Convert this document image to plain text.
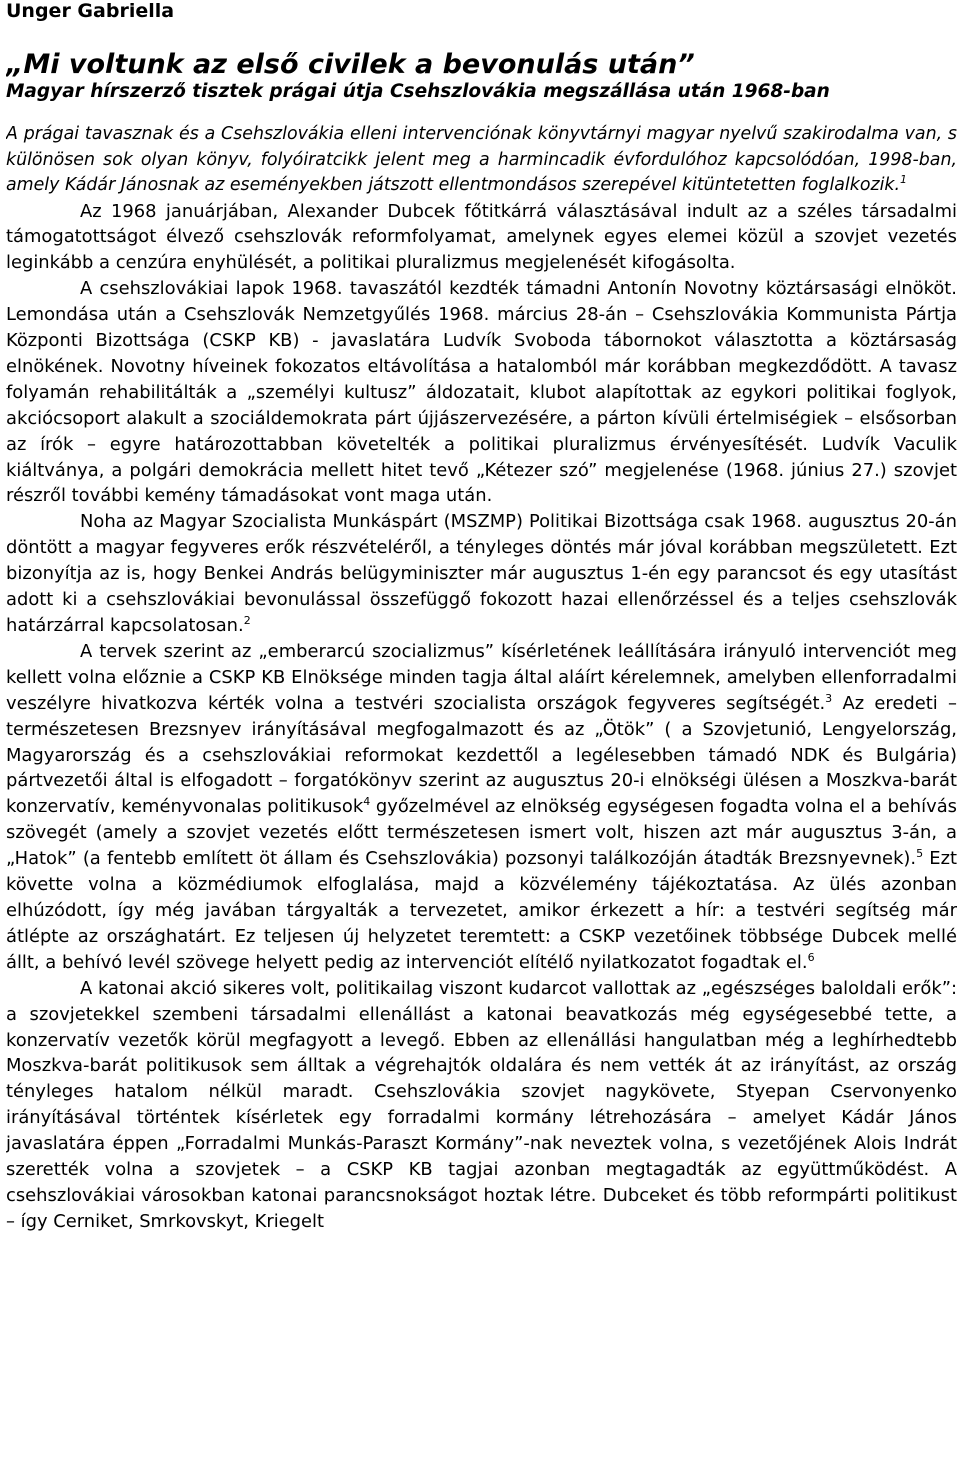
Unger Gabriella

„Mi voltunk az első civilek a bevonulás után”

Magyar hírszerző tisztek prágai útja Csehszlovákia megszállása után 1968-ban

A prágai tavasznak és a Csehszlovákia elleni intervenciónak könyvtárnyi magyar nyelvű szakirodalma van, s különösen sok olyan könyv, folyóiratcikk jelent meg a harmincadik évfordulóhoz kapcsolódóan, 1998-ban, amely Kádár Jánosnak az eseményekben játszott ellentmondásos szerepével kitüntetetten foglalkozik.$^1$

Az 1968 januárjában, Alexander Dubcek főtitkárrá választásával indult az a széles társadalmi támogatottságot élvező csehszlovák reformfolyamat, amelynek egyes elemei közül a szovjet vezetés leginkább a cenzúra enyhülését, a politikai pluralizmus megjelenését kifogásolta.

A csehszlovákiai lapok 1968. tavaszától kezdték támadni Antonín Novotny köztársasági elnököt. Lemondása után a Csehszlovák Nemzetgyűlés 1968. március 28-án – Csehszlovákia Kommunista Pártja Központi Bizottsága (CSKP KB) - javaslatára Ludvík Svoboda tábornokot választotta a köztársaság elnökének. Novotny híveinek fokozatos eltávolítása a hatalomból már korábban megkezdődött. A tavasz folyamán rehabilitálták a „személyi kultusz” áldozatait, klubot alapítottak az egykori politikai foglyok, akciócsoport alakult a szociáldemokrata párt újjászervezésére, a párton kívüli értelmiségiek – elsősorban az írók – egyre határozottabban követelték a politikai pluralizmus érvényesítését. Ludvík Vaculik kiáltványa, a polgári demokrácia mellett hitet tevő „Kétezer szó” megjelenése (1968. június 27.) szovjet részről további kemény támadásokat vont maga után.

Noha az Magyar Szocialista Munkáspárt (MSZMP) Politikai Bizottsága csak 1968. augusztus 20-án döntött a magyar fegyveres erők részvételéről, a tényleges döntés már jóval korábban megszületett. Ezt bizonyítja az is, hogy Benkei András belügyminiszter már augusztus 1-én egy parancsot és egy utasítást adott ki a csehszlovákiai bevonulással összefüggő fokozott hazai ellenőrzéssel és a teljes csehszlovák határzárral kapcsolatosan.$^2$

A tervek szerint az „emberarcú szocializmus” kísérletének leállítására irányuló intervenciót meg kellett volna előznie a CSKP KB Elnöksége minden tagja által aláírt kérelemnek, amelyben ellenforradalmi veszélyre hivatkozva kérték volna a testvéri szocialista országok fegyveres segítségét.$^3$ Az eredeti – természetesen Brezsnyev irányításával megfogalmazott és az „Ötök” ( a Szovjetunió, Lengyelország, Magyarország és a csehszlovákiai reformokat kezdettől a legélesebben támadó NDK és Bulgária) pártvezetői által is elfogadott – forgatókönyv szerint az augusztus 20-i elnökségi ülésen a Moszkva-barát konzervatív, keményvonalas politikusok$^4$ győzelmével az elnökség egységesen fogadta volna el a behívás szövegét (amely a szovjet vezetés előtt természetesen ismert volt, hiszen azt már augusztus 3-án, a „Hatok” (a fentebb említett öt állam és Csehszlovákia) pozsonyi találkozóján átadták Brezsnyevnek).$^5$ Ezt követte volna a közmédiumok elfoglalása, majd a közvélemény tájékoztatása. Az ülés azonban elhúzódott, így még javában tárgyalták a tervezetet, amikor érkezett a hír: a testvéri segítség már átlépte az országhatárt. Ez teljesen új helyzetet teremtett: a CSKP vezetőinek többsége Dubcek mellé állt, a behívó levél szövege helyett pedig az intervenciót elítélő nyilatkozatot fogadtak el.$^6$

A katonai akció sikeres volt, politikailag viszont kudarcot vallottak az „egészséges baloldali erők”: a szovjetekkel szembeni társadalmi ellenállást a katonai beavatkozás még egységesebbé tette, a konzervatív vezetők körül megfagyott a levegő. Ebben az ellenállási hangulatban még a leghírhedtebb Moszkva-barát politikusok sem álltak a végrehajtók oldalára és nem vették át az irányítást, az ország tényleges hatalom nélkül maradt. Csehszlovákia szovjet nagykövete, Styepan Cservonyenko irányításával történtek kísérletek egy forradalmi kormány létrehozására – amelyet Kádár János javaslatára éppen „Forradalmi Munkás-Paraszt Kormány”-nak neveztek volna, s vezetőjének Alois Indrát szerették volna a szovjetek – a CSKP KB tagjai azonban megtagadták az együttműködést. A csehszlovákiai városokban katonai parancsnokságot hoztak létre. Dubceket és több reformpárti politikust – így Cerniket, Smrkovskyt, Kriegelt
